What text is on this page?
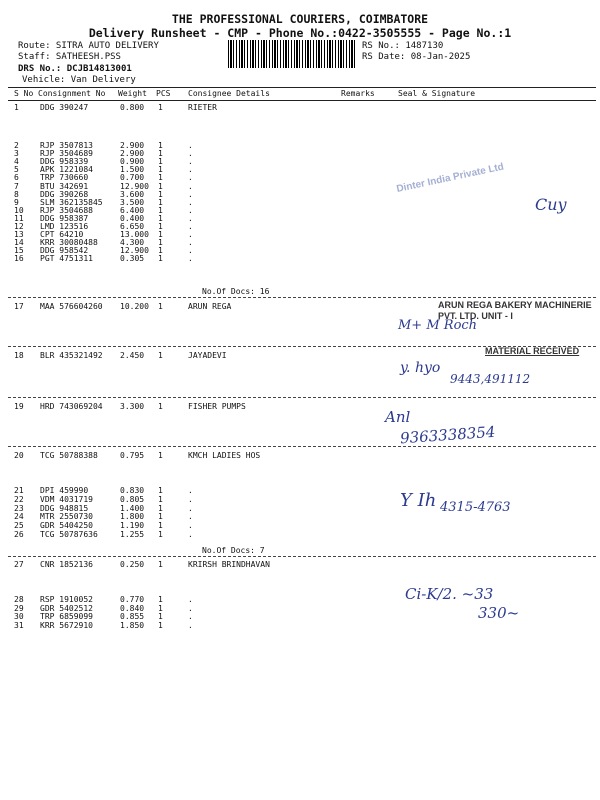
THE PROFESSIONAL COURIERS, COIMBATORE
Delivery Runsheet - CMP - Phone No.:0422-3505555 - Page No.:1
Route: SITRA AUTO DELIVERY
Staff: SATHEESH.PSS
DRS No.: DCJB14813001
Vehicle: Van Delivery
RS No.: 1487130
RS Date: 08-Jan-2025
S No Consignment No Weight PCS Consignee Details	Remarks	Seal & Signature
1	DDG 390247	0.800 1	RIETER
2	RJP 3507813	2.900 1	.
3	RJP 3504689	2.900 1	.
4	DDG 958339	0.900 1	.
5	APK 1221084	1.500 1	.
6	TRP 730660	0.700 1	.
7	BTU 342691	12.900 1	.
8	DDG 390268	3.600 1	.
9	SLM 362135845 3.500 1	.
10 RJP 3504688	6.400 1	.
11 DDG 958387	0.400 1	.
12 LMD 123516	6.650 1	.
13 CPT 64210	13.000 1	.
14 KRR 30080488	4.300 1	.
15 DDG 958542	12.900 1	.
16 PGT 4751311	0.305 1	.
No.Of Docs: 16
17 MAA 576604260 10.200 1	ARUN REGA
18 BLR 435321492 2.450 1	JAYADEVI
19 HRD 743069204 3.300 1	FISHER PUMPS
20 TCG 50788388	0.795 1	KMCH LADIES HOS
21 DPI 459990	0.830 1	.
22 VDM 4031719	0.805 1	.
23 DDG 948815	1.400 1	.
24 MTR 2550730	1.800 1	.
25 GDR 5404250	1.190 1	.
26 TCG 50787636	1.255 1	.
No.Of Docs: 7
27 CNR 1852136	0.250 1	KRIRSH BRINDHAVAN
28 RSP 1910052	0.770 1	.
29 GDR 5402512	0.840 1	.
30 TRP 6859099	0.855 1	.
31 KRR 5672910	1.850 1	.
Dinter India Private Ltd
Cuy
ARUN REGA BAKERY MACHINERIE PVT. LTD. UNIT - I
M+ M Roch
MATERIAL RECEIVED
y. hyo
9443,491112
Anl
9363338354
Y Ih 4315-4763
Ci-K/2. ~33
330~
